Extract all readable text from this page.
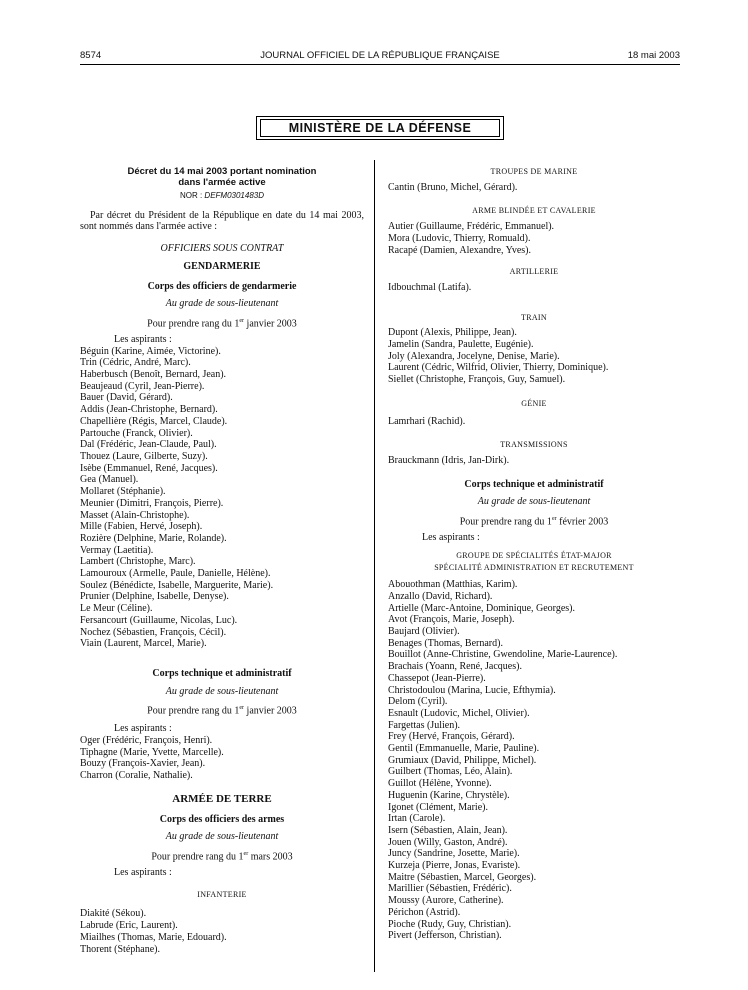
8574	JOURNAL OFFICIEL DE LA RÉPUBLIQUE FRANÇAISE	18 mai 2003
MINISTÈRE DE LA DÉFENSE
Décret du 14 mai 2003 portant nomination
dans l'armée active
NOR : DEFM0301483D
Par décret du Président de la République en date du 14 mai 2003, sont nommés dans l'armée active :
OFFICIERS SOUS CONTRAT
GENDARMERIE
Corps des officiers de gendarmerie
Au grade de sous-lieutenant
Pour prendre rang du 1er janvier 2003
Les aspirants :
Béguin (Karine, Aimée, Victorine).
Trin (Cédric, André, Marc).
Haberbusch (Benoît, Bernard, Jean).
Beaujeaud (Cyril, Jean-Pierre).
Bauer (David, Gérard).
Addis (Jean-Christophe, Bernard).
Chapellière (Régis, Marcel, Claude).
Partouche (Franck, Olivier).
Dal (Frédéric, Jean-Claude, Paul).
Thouez (Laure, Gilberte, Suzy).
Isèbe (Emmanuel, René, Jacques).
Gea (Manuel).
Mollaret (Stéphanie).
Meunier (Dimitri, François, Pierre).
Masset (Alain-Christophe).
Mille (Fabien, Hervé, Joseph).
Rozière (Delphine, Marie, Rolande).
Vermay (Laetitia).
Lambert (Christophe, Marc).
Lamouroux (Armelle, Paule, Danielle, Hélène).
Soulez (Bénédicte, Isabelle, Marguerite, Marie).
Prunier (Delphine, Isabelle, Denyse).
Le Meur (Céline).
Fersancourt (Guillaume, Nicolas, Luc).
Nochez (Sébastien, François, Cécil).
Viain (Laurent, Marcel, Marie).
Corps technique et administratif
Au grade de sous-lieutenant
Pour prendre rang du 1er janvier 2003
Les aspirants :
Oger (Frédéric, François, Henri).
Tiphagne (Marie, Yvette, Marcelle).
Bouzy (François-Xavier, Jean).
Charron (Coralie, Nathalie).
ARMÉE DE TERRE
Corps des officiers des armes
Au grade de sous-lieutenant
Pour prendre rang du 1er mars 2003
Les aspirants :
INFANTERIE
Diakité (Sékou).
Labrude (Eric, Laurent).
Miailhes (Thomas, Marie, Edouard).
Thorent (Stéphane).
TROUPES DE MARINE
Cantin (Bruno, Michel, Gérard).
ARME BLINDÉE ET CAVALERIE
Autier (Guillaume, Frédéric, Emmanuel).
Mora (Ludovic, Thierry, Romuald).
Racapé (Damien, Alexandre, Yves).
ARTILLERIE
Idbouchmal (Latifa).
TRAIN
Dupont (Alexis, Philippe, Jean).
Jamelin (Sandra, Paulette, Eugénie).
Joly (Alexandra, Jocelyne, Denise, Marie).
Laurent (Cédric, Wilfrid, Olivier, Thierry, Dominique).
Siellet (Christophe, François, Guy, Samuel).
GÉNIE
Lamrhari (Rachid).
TRANSMISSIONS
Brauckmann (Idris, Jan-Dirk).
Corps technique et administratif
Au grade de sous-lieutenant
Pour prendre rang du 1er février 2003
Les aspirants :
GROUPE DE SPÉCIALITÉS ÉTAT-MAJOR
SPÉCIALITÉ ADMINISTRATION ET RECRUTEMENT
Abouothman (Matthias, Karim).
Anzallo (David, Richard).
Artielle (Marc-Antoine, Dominique, Georges).
Avot (François, Marie, Joseph).
Baujard (Olivier).
Benages (Thomas, Bernard).
Bouillot (Anne-Christine, Gwendoline, Marie-Laurence).
Brachais (Yoann, René, Jacques).
Chassepot (Jean-Pierre).
Christodoulou (Marina, Lucie, Efthymia).
Delom (Cyril).
Esnault (Ludovic, Michel, Olivier).
Fargettas (Julien).
Frey (Hervé, François, Gérard).
Gentil (Emmanuelle, Marie, Pauline).
Grumiaux (David, Philippe, Michel).
Guilbert (Thomas, Léo, Alain).
Guillot (Hélène, Yvonne).
Huguenin (Karine, Chrystèle).
Igonet (Clément, Marie).
Irtan (Carole).
Isern (Sébastien, Alain, Jean).
Jouen (Willy, Gaston, André).
Juncy (Sandrine, Josette, Marie).
Kurzeja (Pierre, Jonas, Evariste).
Maitre (Sébastien, Marcel, Georges).
Marillier (Sébastien, Frédéric).
Moussy (Aurore, Catherine).
Périchon (Astrid).
Pioche (Rudy, Guy, Christian).
Pivert (Jefferson, Christian).
